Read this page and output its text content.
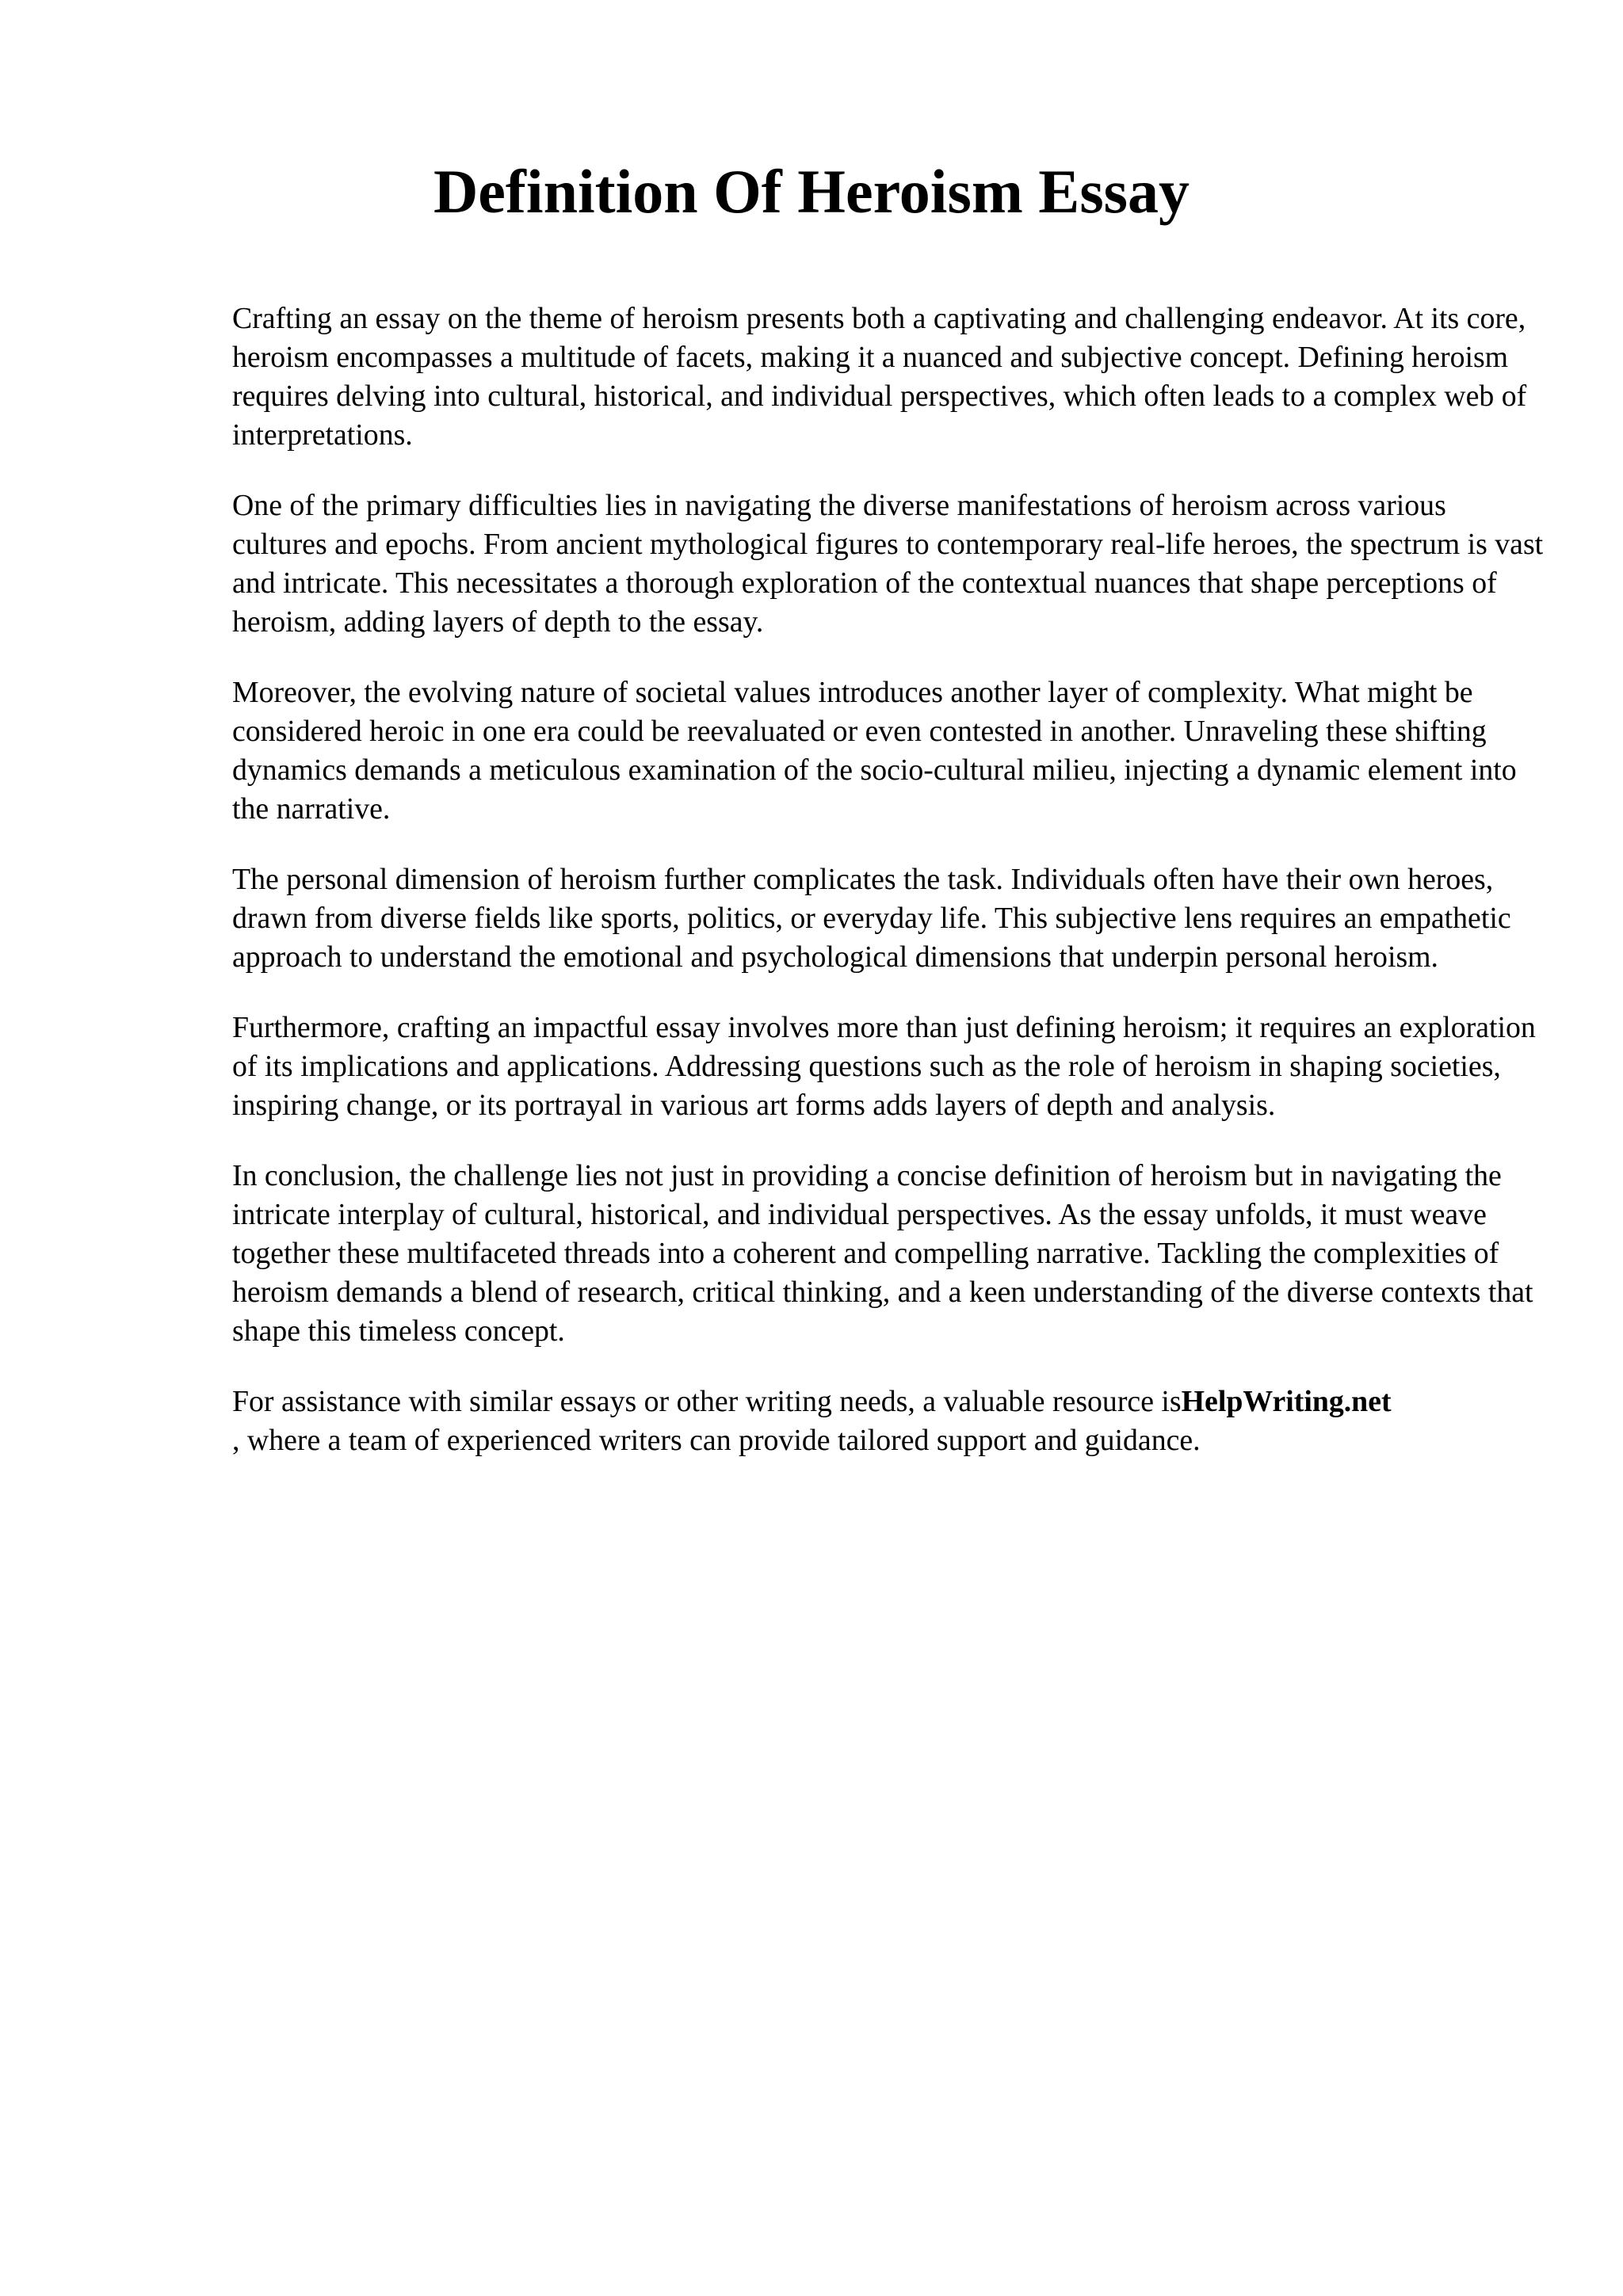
Definition Of Heroism Essay

Crafting an essay on the theme of heroism presents both a captivating and challenging endeavor. At its core, heroism encompasses a multitude of facets, making it a nuanced and subjective concept. Defining heroism requires delving into cultural, historical, and individual perspectives, which often leads to a complex web of interpretations.

One of the primary difficulties lies in navigating the diverse manifestations of heroism across various cultures and epochs. From ancient mythological figures to contemporary real-life heroes, the spectrum is vast and intricate. This necessitates a thorough exploration of the contextual nuances that shape perceptions of heroism, adding layers of depth to the essay.

Moreover, the evolving nature of societal values introduces another layer of complexity. What might be considered heroic in one era could be reevaluated or even contested in another. Unraveling these shifting dynamics demands a meticulous examination of the socio-cultural milieu, injecting a dynamic element into the narrative.

The personal dimension of heroism further complicates the task. Individuals often have their own heroes, drawn from diverse fields like sports, politics, or everyday life. This subjective lens requires an empathetic approach to understand the emotional and psychological dimensions that underpin personal heroism.

Furthermore, crafting an impactful essay involves more than just defining heroism; it requires an exploration of its implications and applications. Addressing questions such as the role of heroism in shaping societies, inspiring change, or its portrayal in various art forms adds layers of depth and analysis.

In conclusion, the challenge lies not just in providing a concise definition of heroism but in navigating the intricate interplay of cultural, historical, and individual perspectives. As the essay unfolds, it must weave together these multifaceted threads into a coherent and compelling narrative. Tackling the complexities of heroism demands a blend of research, critical thinking, and a keen understanding of the diverse contexts that shape this timeless concept.

For assistance with similar essays or other writing needs, a valuable resource isHelpWriting.net
, where a team of experienced writers can provide tailored support and guidance.
